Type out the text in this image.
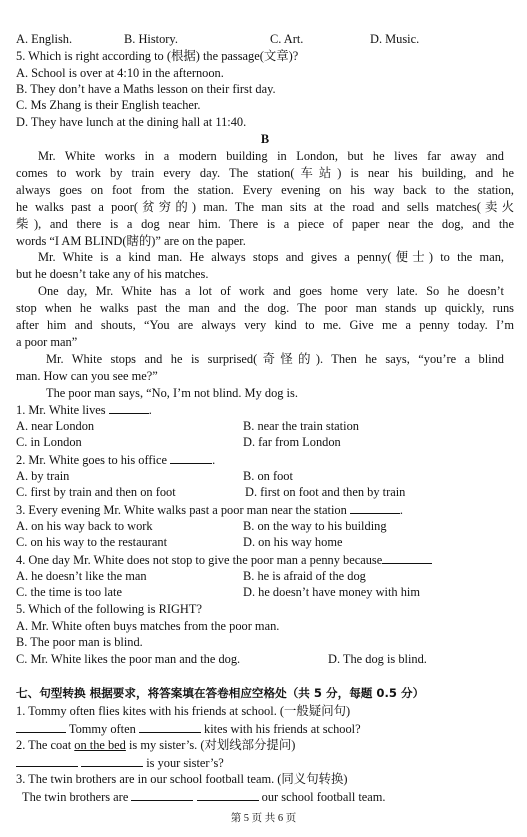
A. English.	B. History.	C. Art.	D. Music.
5. Which is right according to (根据) the passage(文章)?
A. School is over at 4:10 in the afternoon.
B. They don’t have a Maths lesson on their first day.
C. Ms Zhang is their English teacher.
D. They have lunch at the dining hall at 11:40.
B
Mr. White works in a modern building in London, but he lives far away and
comes to work by train every day. The station(车站) is near his building, and he
always goes on foot from the station. Every evening on his way back to the station,
he walks past a poor(贫穷的) man. The man sits at the road and sells matches(卖火
柴), and there is a dog near him. There is a piece of paper near the dog, and the
words “I AM BLIND(瞎的)” are on the paper.
Mr. White is a kind man. He always stops and gives a penny(便士) to the man,
but he doesn’t take any of his matches.
One day, Mr. White has a lot of work and goes home very late. So he doesn’t
stop when he walks past the man and the dog. The poor man stands up quickly, runs
after him and shouts, “You are always very kind to me. Give me a penny today. I’m
a poor man”
Mr. White stops and he is surprised(奇怪的). Then he says, “you’re a blind
man. How can you see me?”
The poor man says, “No, I’m not blind. My dog is.
1. Mr. White lives	.
A. near London	B. near the train station
C. in London	D. far from London
2. Mr. White goes to his office	.
A. by train	B. on foot
C. first by train and then on foot	D. first on foot and then by train
3. Every evening Mr. White walks past a poor man near the station	.
A. on his way back to work	B. on the way to his building
C. on his way to the restaurant	D. on his way home
4. One day Mr. White does not stop to give the poor man a penny because
A. he doesn’t like the man	B. he is afraid of the dog
C. the time is too late	D. he doesn’t have money with him
5. Which of the following is RIGHT?
A. Mr. White often buys matches from the poor man.
B. The poor man is blind.
C. Mr. White likes the poor man and the dog.	D. The dog is blind.
七、句型转换 根据要求，将答案填在答卷相应空格处（共 5 分，每题 0.5 分）
1. Tommy often flies kites with his friends at school. (一般疑问句)
Tommy often	kites with his friends at school?
2. The coat on the bed is my sister’s. (对划线部分提问)
is your sister’s?
3. The twin brothers are in our school football team. (同义句转换)
The twin brothers are	our school football team.
第 5 页 共 6 页
